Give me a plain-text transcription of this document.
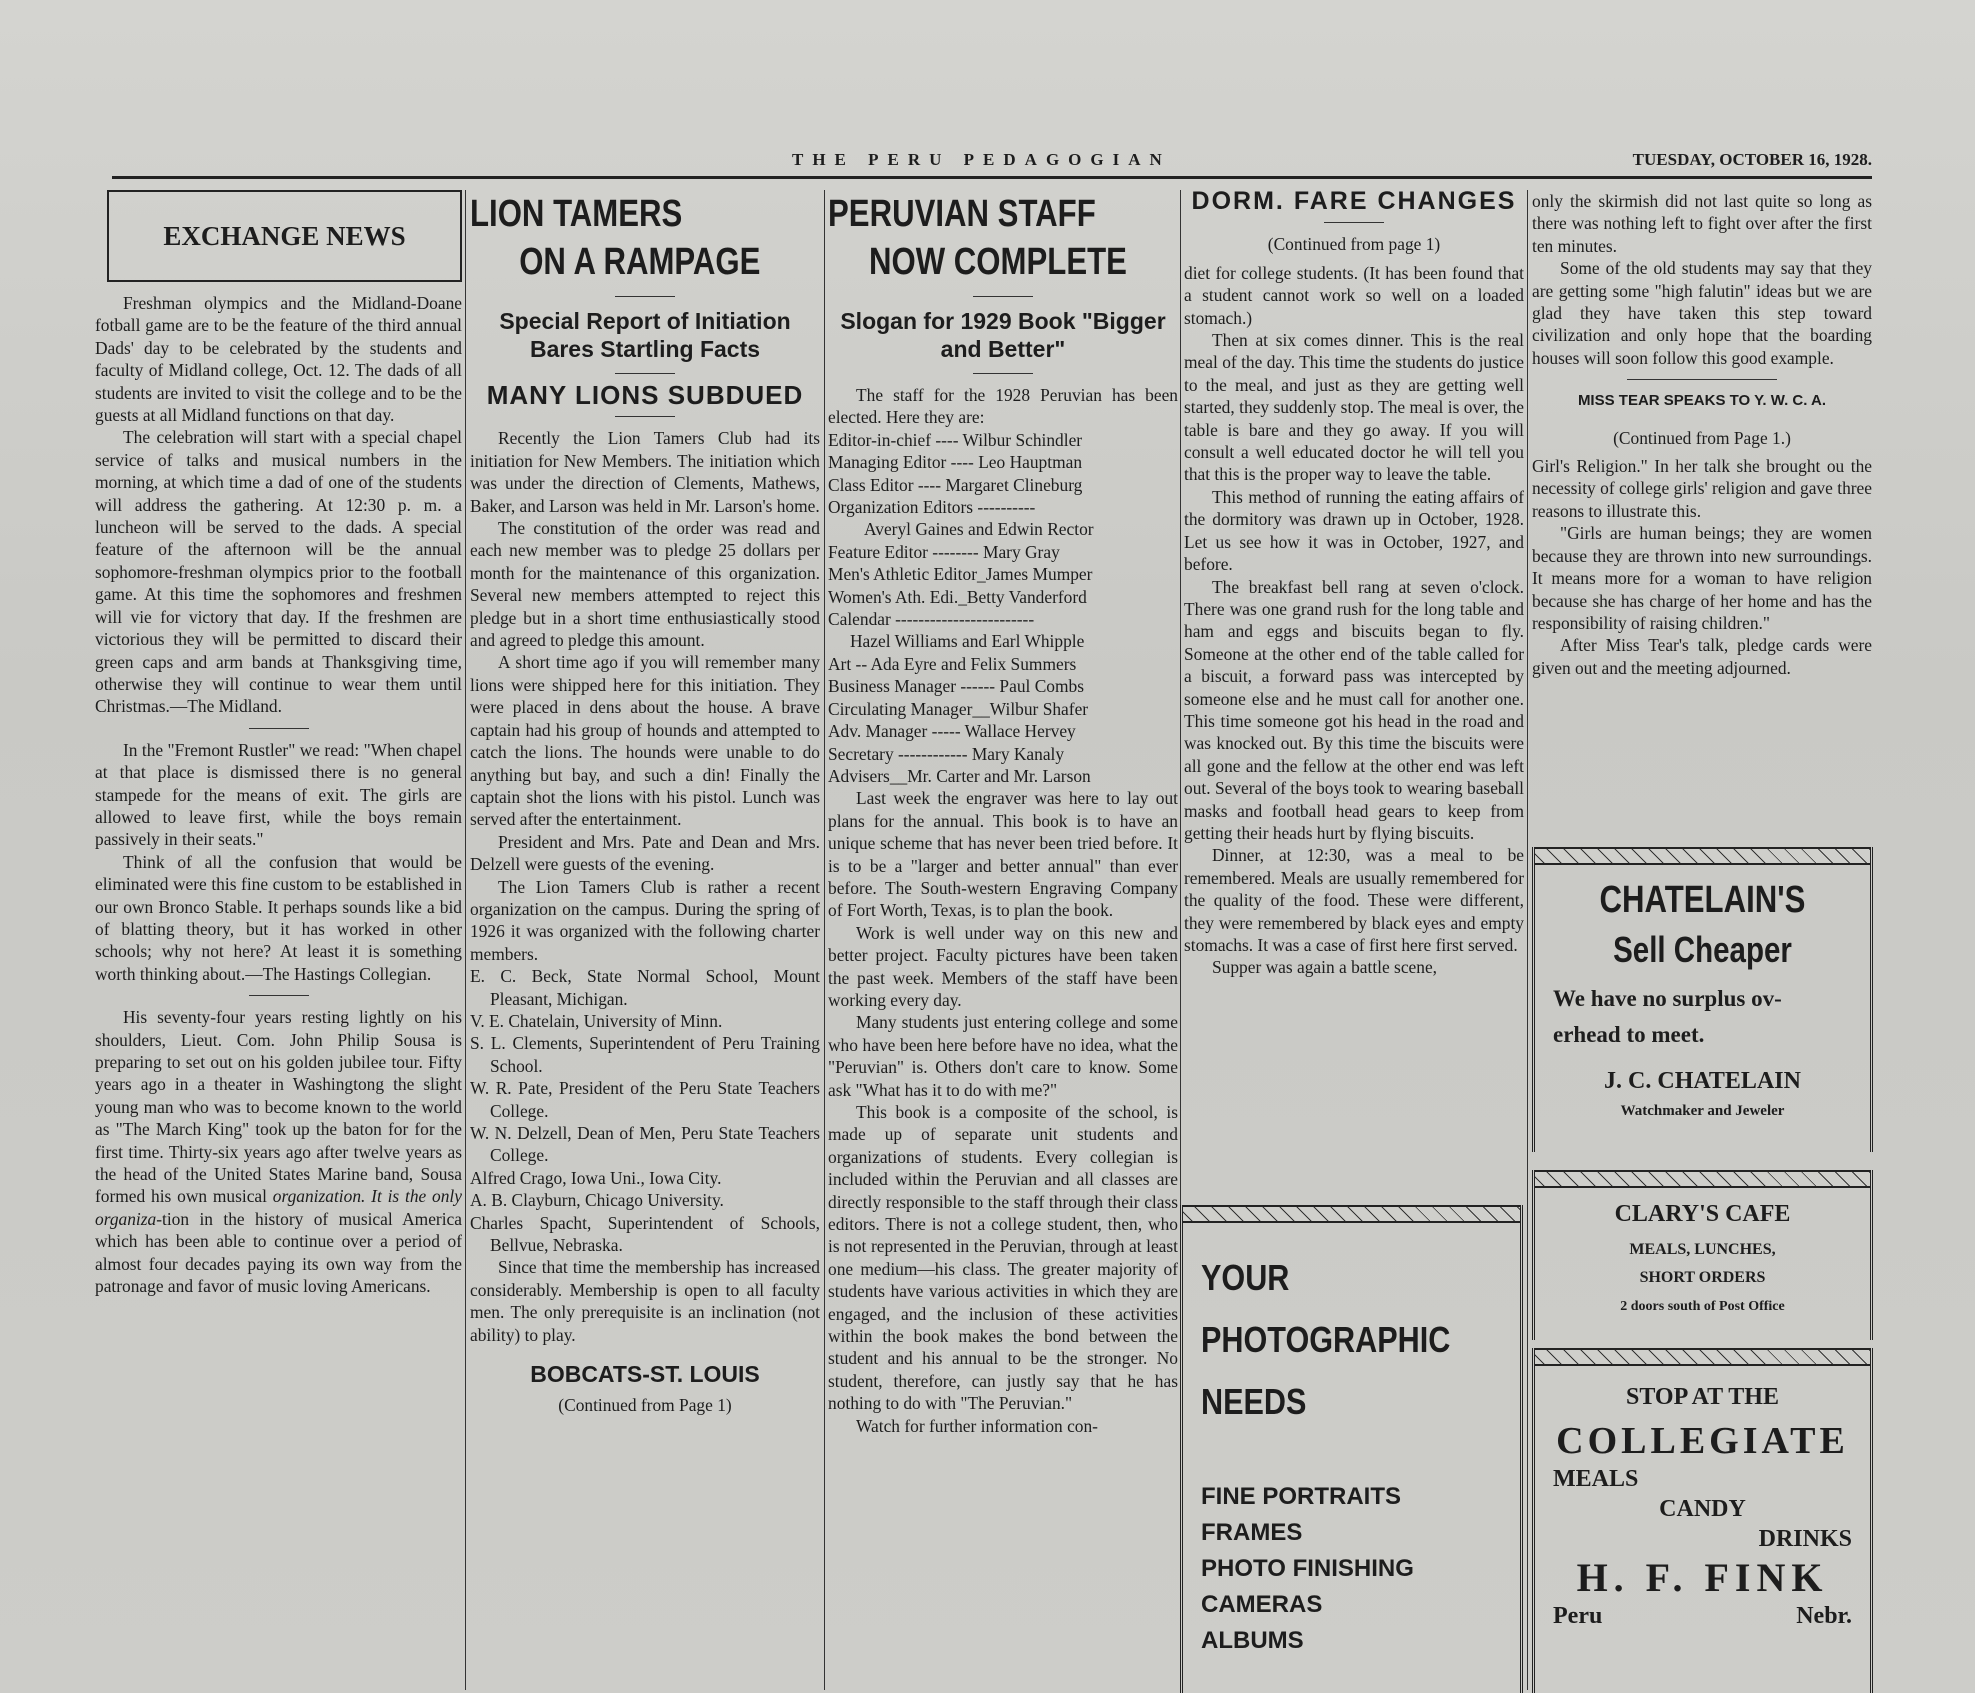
THE PERU PEDAGOGIAN	TUESDAY, OCTOBER 16, 1928.
EXCHANGE NEWS

Freshman olympics and the Midland-Doane fotball game are to be the feature of the third annual Dads' day to be celebrated by the students and faculty of Midland college, Oct. 12. The dads of all students are invited to visit the college and to be the guests at all Midland functions on that day.

The celebration will start with a special chapel service of talks and musical numbers in the morning, at which time a dad of one of the students will address the gathering. At 12:30 p. m. a luncheon will be served to the dads. A special feature of the afternoon will be the annual sophomore-freshman olympics prior to the football game. At this time the sophomores and freshmen will vie for victory that day. If the freshmen are victorious they will be permitted to discard their green caps and arm bands at Thanksgiving time, otherwise they will continue to wear them until Christmas.—The Midland.

In the "Fremont Rustler" we read: "When chapel at that place is dismissed there is no general stampede for the means of exit. The girls are allowed to leave first, while the boys remain passively in their seats."

Think of all the confusion that would be eliminated were this fine custom to be established in our own Bronco Stable. It perhaps sounds like a bid of blatting theory, but it has worked in other schools; why not here? At least it is something worth thinking about.—The Hastings Collegian.

His seventy-four years resting lightly on his shoulders, Lieut. Com. John Philip Sousa is preparing to set out on his golden jubilee tour. Fifty years ago in a theater in Washingtong the slight young man who was to become known to the world as "The March King" took up the baton for for the first time. Thirty-six years ago after twelve years as the head of the United States Marine band, Sousa formed his own musical organization. It is the only organiza-tion in the history of musical America which has been able to continue over a period of almost four decades paying its own way from the patronage and favor of music loving Americans.

LION TAMERS
ON A RAMPAGE
Special Report of Initiation Bares Startling Facts
MANY LIONS SUBDUED

Recently the Lion Tamers Club had its initiation for New Members. The initiation which was under the direction of Clements, Mathews, Baker, and Larson was held in Mr. Larson's home.

The constitution of the order was read and each new member was to pledge 25 dollars per month for the maintenance of this organization. Several new members attempted to reject this pledge but in a short time enthusiastically stood and agreed to pledge this amount.

A short time ago if you will remember many lions were shipped here for this initiation. They were placed in dens about the house. A brave captain had his group of hounds and attempted to catch the lions. The hounds were unable to do anything but bay, and such a din! Finally the captain shot the lions with his pistol. Lunch was served after the entertainment.

President and Mrs. Pate and Dean and Mrs. Delzell were guests of the evening.

The Lion Tamers Club is rather a recent organization on the campus. During the spring of 1926 it was organized with the following charter members.

E. C. Beck, State Normal School, Mount Pleasant, Michigan.

V. E. Chatelain, University of Minn.

S. L. Clements, Superintendent of Peru Training School.

W. R. Pate, President of the Peru State Teachers College.

W. N. Delzell, Dean of Men, Peru State Teachers College.

Alfred Crago, Iowa Uni., Iowa City.

A. B. Clayburn, Chicago University.

Charles Spacht, Superintendent of Schools, Bellvue, Nebraska.

Since that time the membership has increased considerably. Membership is open to all faculty men. The only prerequisite is an inclination (not ability) to play.

BOBCATS-ST. LOUIS
(Continued from Page 1)
PERUVIAN STAFF
NOW COMPLETE
Slogan for 1929 Book "Bigger and Better"

The staff for the 1928 Peruvian has been elected. Here they are:

Editor-in-chief ---- Wilbur Schindler

Managing Editor ---- Leo Hauptman

Class Editor ---- Margaret Clineburg

Organization Editors ----------

Averyl Gaines and Edwin Rector

Feature Editor -------- Mary Gray

Men's Athletic Editor_James Mumper

Women's Ath. Edi._Betty Vanderford

Calendar ------------------------

Hazel Williams and Earl Whipple

Art -- Ada Eyre and Felix Summers

Business Manager ------ Paul Combs

Circulating Manager__Wilbur Shafer

Adv. Manager ----- Wallace Hervey

Secretary ------------ Mary Kanaly

Advisers__Mr. Carter and Mr. Larson

Last week the engraver was here to lay out plans for the annual. This book is to have an unique scheme that has never been tried before. It is to be a "larger and better annual" than ever before. The South-western Engraving Company of Fort Worth, Texas, is to plan the book.

Work is well under way on this new and better project. Faculty pictures have been taken the past week. Members of the staff have been working every day.

Many students just entering college and some who have been here before have no idea, what the "Peruvian" is. Others don't care to know. Some ask "What has it to do with me?"

This book is a composite of the school, is made up of separate unit students and organizations of students. Every collegian is included within the Peruvian and all classes are directly responsible to the staff through their class editors. There is not a college student, then, who is not represented in the Peruvian, through at least one medium—his class. The greater majority of students have various activities in which they are engaged, and the inclusion of these activities within the book makes the bond between the student and his annual to be the stronger. No student, therefore, can justly say that he has nothing to do with "The Peruvian."

Watch for further information con-

DORM. FARE CHANGES
(Continued from page 1)

diet for college students. (It has been found that a student cannot work so well on a loaded stomach.)

Then at six comes dinner. This is the real meal of the day. This time the students do justice to the meal, and just as they are getting well started, they suddenly stop. The meal is over, the table is bare and they go away. If you will consult a well educated doctor he will tell you that this is the proper way to leave the table.

This method of running the eating affairs of the dormitory was drawn up in October, 1928. Let us see how it was in October, 1927, and before.

The breakfast bell rang at seven o'clock. There was one grand rush for the long table and ham and eggs and biscuits began to fly. Someone at the other end of the table called for a biscuit, a forward pass was intercepted by someone else and he must call for another one. This time someone got his head in the road and was knocked out. By this time the biscuits were all gone and the fellow at the other end was left out. Several of the boys took to wearing baseball masks and football head gears to keep from getting their heads hurt by flying biscuits.

Dinner, at 12:30, was a meal to be remembered. Meals are usually remembered for the quality of the food. These were different, they were remembered by black eyes and empty stomachs. It was a case of first here first served.

Supper was again a battle scene,

YOUR
PHOTOGRAPHIC
NEEDS
FINE PORTRAITS
FRAMES
PHOTO FINISHING
CAMERAS
ALBUMS

only the skirmish did not last quite so long as there was nothing left to fight over after the first ten minutes.

Some of the old students may say that they are getting some "high falutin" ideas but we are glad they have taken this step toward civilization and only hope that the boarding houses will soon follow this good example.

MISS TEAR SPEAKS TO Y. W. C. A.
(Continued from Page 1.)

Girl's Religion." In her talk she brought ou the necessity of college girls' religion and gave three reasons to illustrate this.

"Girls are human beings; they are women because they are thrown into new surroundings. It means more for a woman to have religion because she has charge of her home and has the responsibility of raising children."

After Miss Tear's talk, pledge cards were given out and the meeting adjourned.

CHATELAIN'S
Sell Cheaper
We have no surplus ov-
erhead to meet.
J. C. CHATELAIN
Watchmaker and Jeweler
CLARY'S CAFE
MEALS, LUNCHES,
SHORT ORDERS
2 doors south of Post Office
STOP AT THE
COLLEGIATE
MEALS
CANDY
DRINKS
H. F. FINK
Peru	Nebr.
